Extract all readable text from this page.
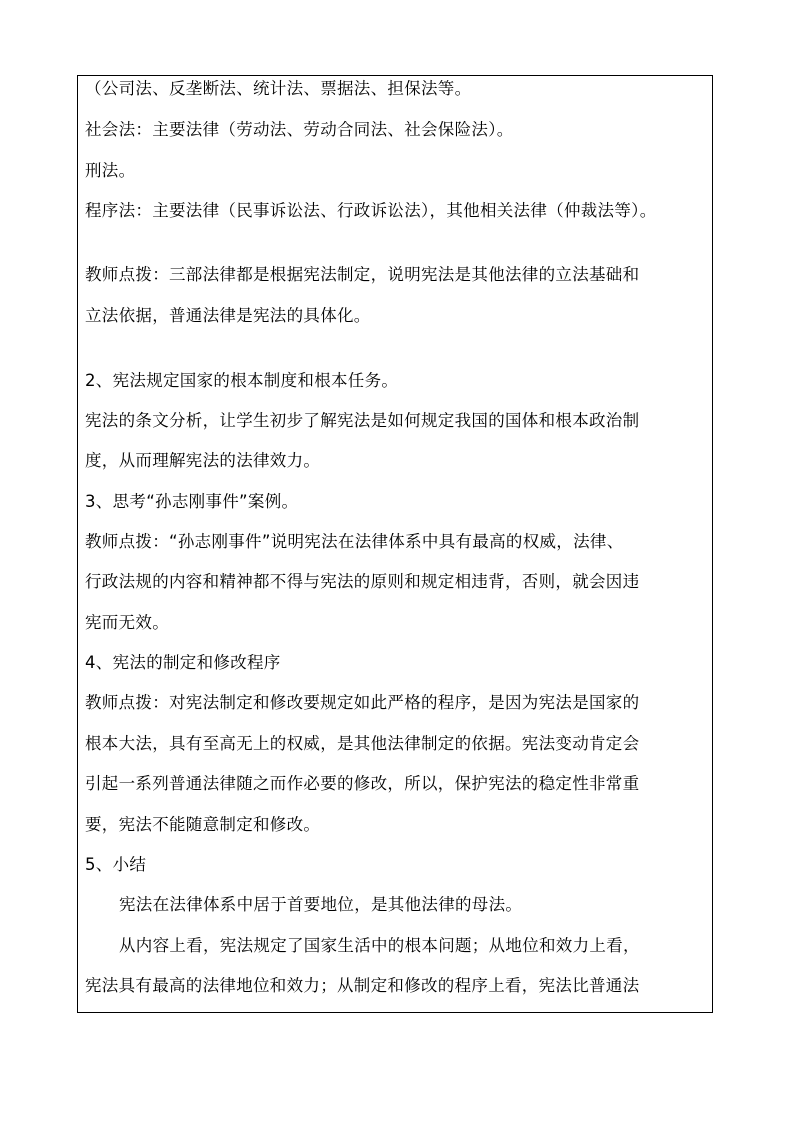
（公司法、反垄断法、统计法、票据法、担保法等。
社会法：主要法律（劳动法、劳动合同法、社会保险法）。
刑法。
程序法：主要法律（民事诉讼法、行政诉讼法），其他相关法律（仲裁法等）。
教师点拨：三部法律都是根据宪法制定，说明宪法是其他法律的立法基础和
立法依据，普通法律是宪法的具体化。
2、宪法规定国家的根本制度和根本任务。
宪法的条文分析，让学生初步了解宪法是如何规定我国的国体和根本政治制
度，从而理解宪法的法律效力。
3、思考“孙志刚事件”案例。
教师点拨：“孙志刚事件”说明宪法在法律体系中具有最高的权威，法律、
行政法规的内容和精神都不得与宪法的原则和规定相违背，否则，就会因违
宪而无效。
4、宪法的制定和修改程序
教师点拨：对宪法制定和修改要规定如此严格的程序，是因为宪法是国家的
根本大法，具有至高无上的权威，是其他法律制定的依据。宪法变动肯定会
引起一系列普通法律随之而作必要的修改，所以，保护宪法的稳定性非常重
要，宪法不能随意制定和修改。
5、小结
宪法在法律体系中居于首要地位，是其他法律的母法。
从内容上看，宪法规定了国家生活中的根本问题；从地位和效力上看，
宪法具有最高的法律地位和效力；从制定和修改的程序上看，宪法比普通法
